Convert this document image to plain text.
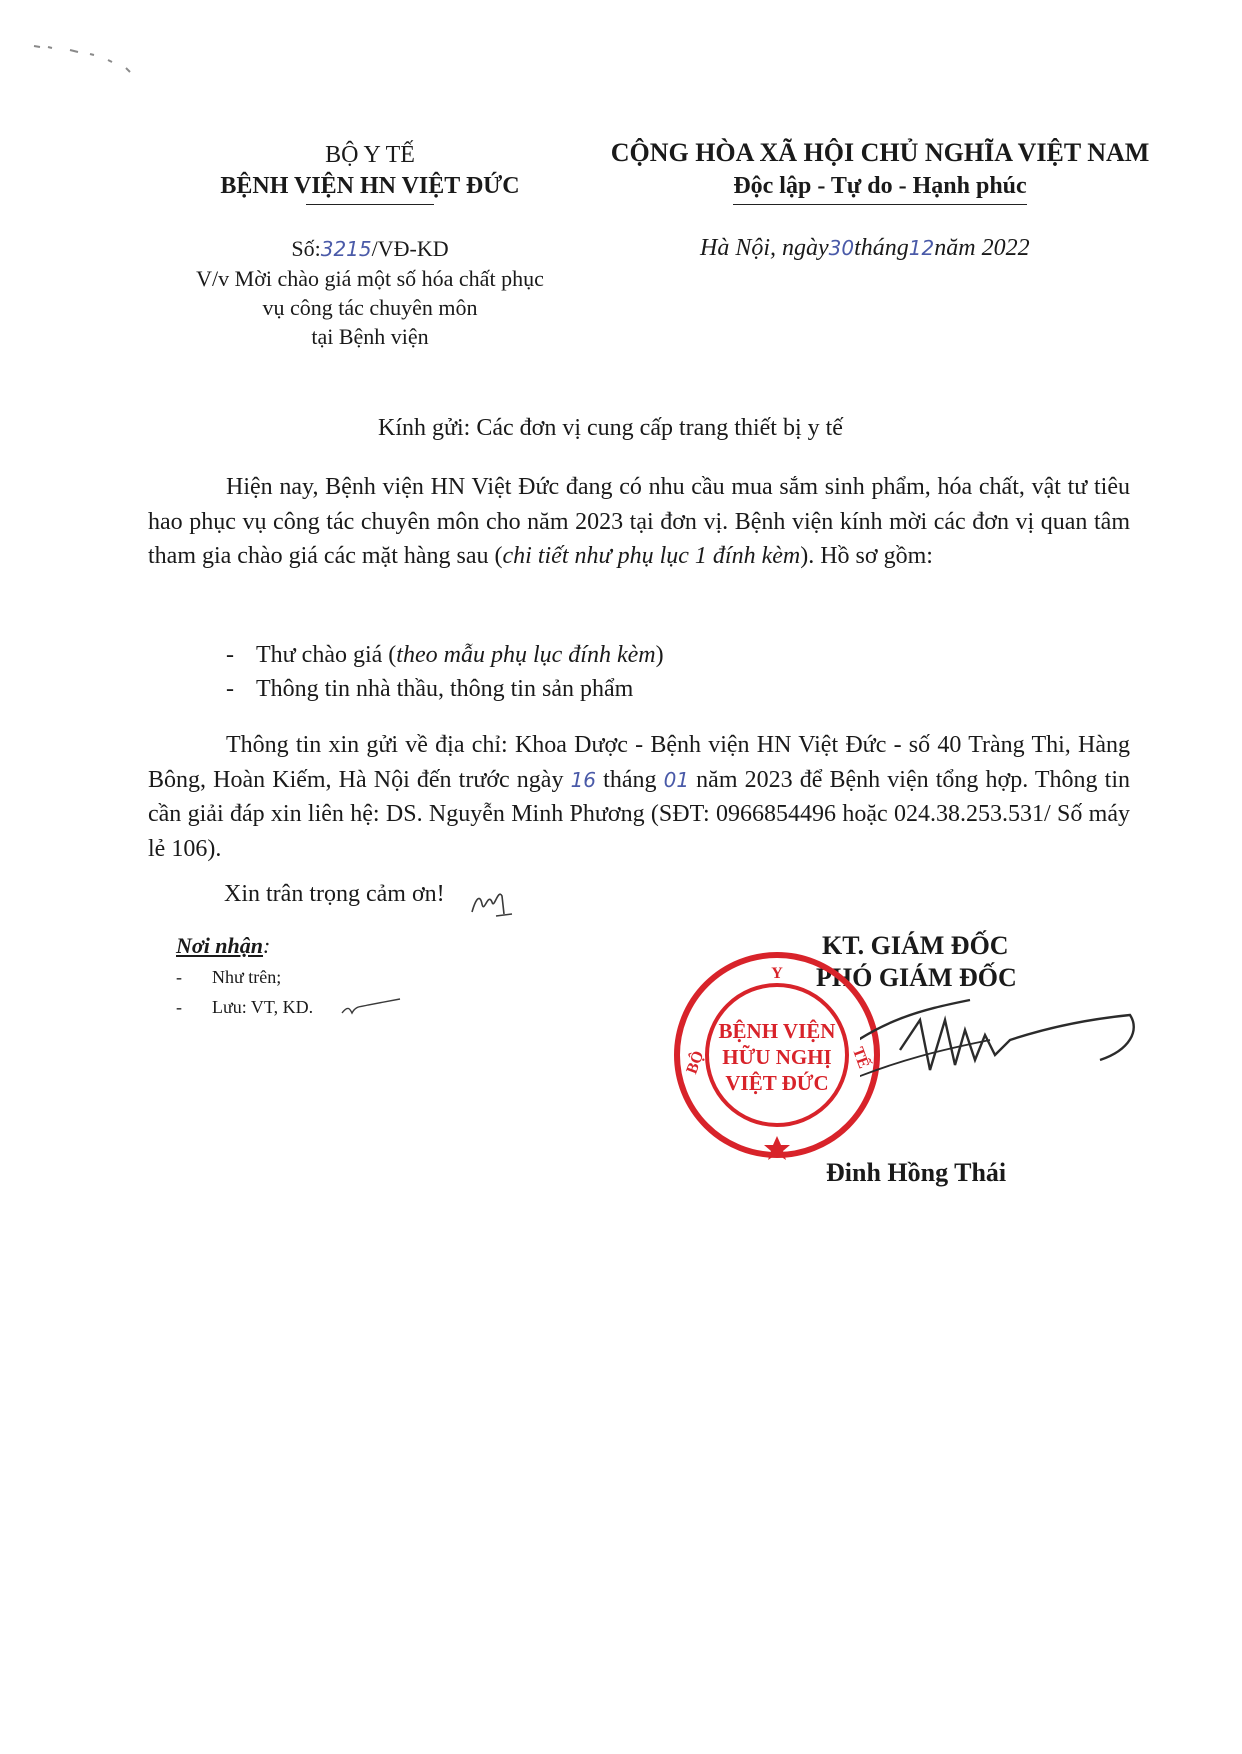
BỘ Y TẾ
BỆNH VIỆN HN VIỆT ĐỨC
CỘNG HÒA XÃ HỘI CHỦ NGHĨA VIỆT NAM
Độc lập - Tự do - Hạnh phúc
Số:3215/VĐ-KD
V/v Mời chào giá một số hóa chất phục
vụ công tác chuyên môn
tại Bệnh viện
Hà Nội, ngày30tháng12năm 2022
Kính gửi: Các đơn vị cung cấp trang thiết bị y tế
Hiện nay, Bệnh viện HN Việt Đức đang có nhu cầu mua sắm sinh phẩm, hóa chất, vật tư tiêu hao phục vụ công tác chuyên môn cho năm 2023 tại đơn vị. Bệnh viện kính mời các đơn vị quan tâm tham gia chào giá các mặt hàng sau (chi tiết như phụ lục 1 đính kèm). Hồ sơ gồm:
- Thư chào giá (theo mẫu phụ lục đính kèm)
- Thông tin nhà thầu, thông tin sản phẩm
Thông tin xin gửi về địa chỉ: Khoa Dược - Bệnh viện HN Việt Đức - số 40 Tràng Thi, Hàng Bông, Hoàn Kiếm, Hà Nội đến trước ngày 16 tháng 01 năm 2023 để Bệnh viện tổng hợp. Thông tin cần giải đáp xin liên hệ: DS. Nguyễn Minh Phương (SĐT: 0966854496 hoặc 024.38.253.531/ Số máy lẻ 106).
Xin trân trọng cảm ơn!
Nơi nhận:
- Như trên;
- Lưu: VT, KD.
KT. GIÁM ĐỐC
PHÓ GIÁM ĐỐC
Y
BỘ	TẾ
BỆNH VIỆN
HỮU NGHỊ
VIỆT ĐỨC
Đinh Hồng Thái
